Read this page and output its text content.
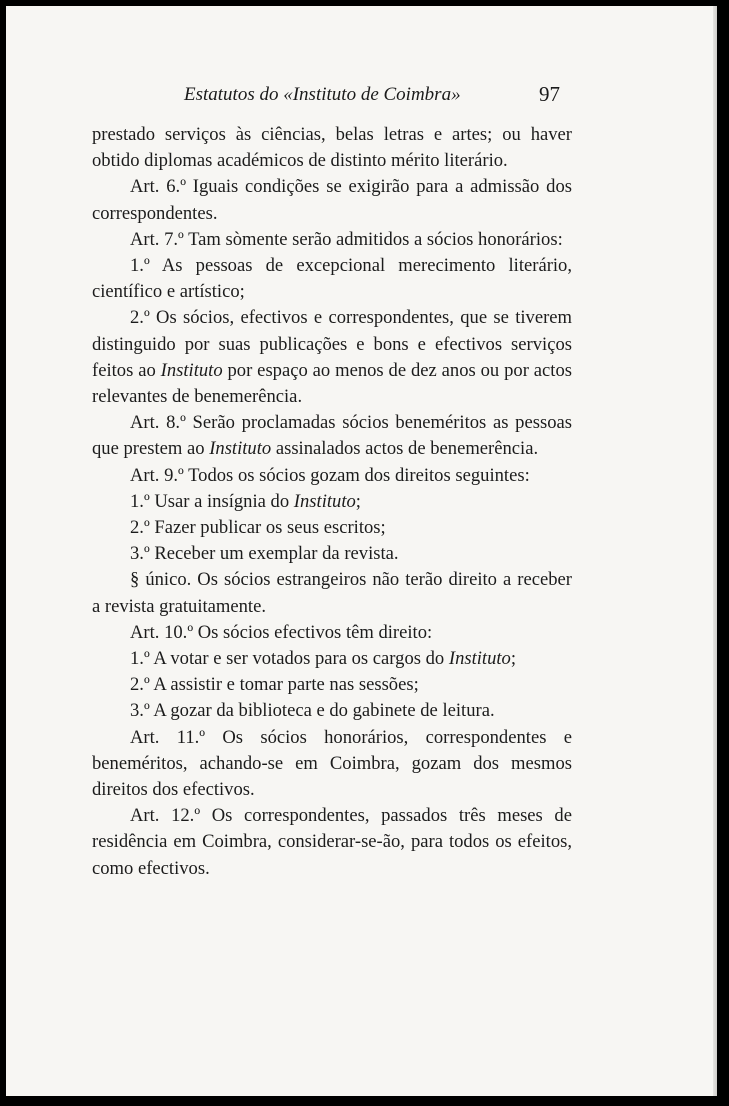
Estatutos do «Instituto de Coimbra»	97

prestado serviços às ciências, belas letras e artes; ou haver obtido diplomas académicos de distinto mérito literário.

Art. 6.º Iguais condições se exigirão para a admissão dos correspondentes.

Art. 7.º Tam sòmente serão admitidos a sócios honorários:

1.º As pessoas de excepcional merecimento literário, científico e artístico;

2.º Os sócios, efectivos e correspondentes, que se tiverem distinguido por suas publicações e bons e efectivos serviços feitos ao Instituto por espaço ao menos de dez anos ou por actos relevantes de benemerência.

Art. 8.º Serão proclamadas sócios beneméritos as pessoas que prestem ao Instituto assinalados actos de benemerência.

Art. 9.º Todos os sócios gozam dos direitos seguintes:

1.º Usar a insígnia do Instituto;

2.º Fazer publicar os seus escritos;

3.º Receber um exemplar da revista.

§ único. Os sócios estrangeiros não terão direito a receber a revista gratuitamente.

Art. 10.º Os sócios efectivos têm direito:

1.º A votar e ser votados para os cargos do Instituto;

2.º A assistir e tomar parte nas sessões;

3.º A gozar da biblioteca e do gabinete de leitura.

Art. 11.º Os sócios honorários, correspondentes e beneméritos, achando-se em Coimbra, gozam dos mesmos direitos dos efectivos.

Art. 12.º Os correspondentes, passados três meses de residência em Coimbra, considerar-se-ão, para todos os efeitos, como efectivos.
